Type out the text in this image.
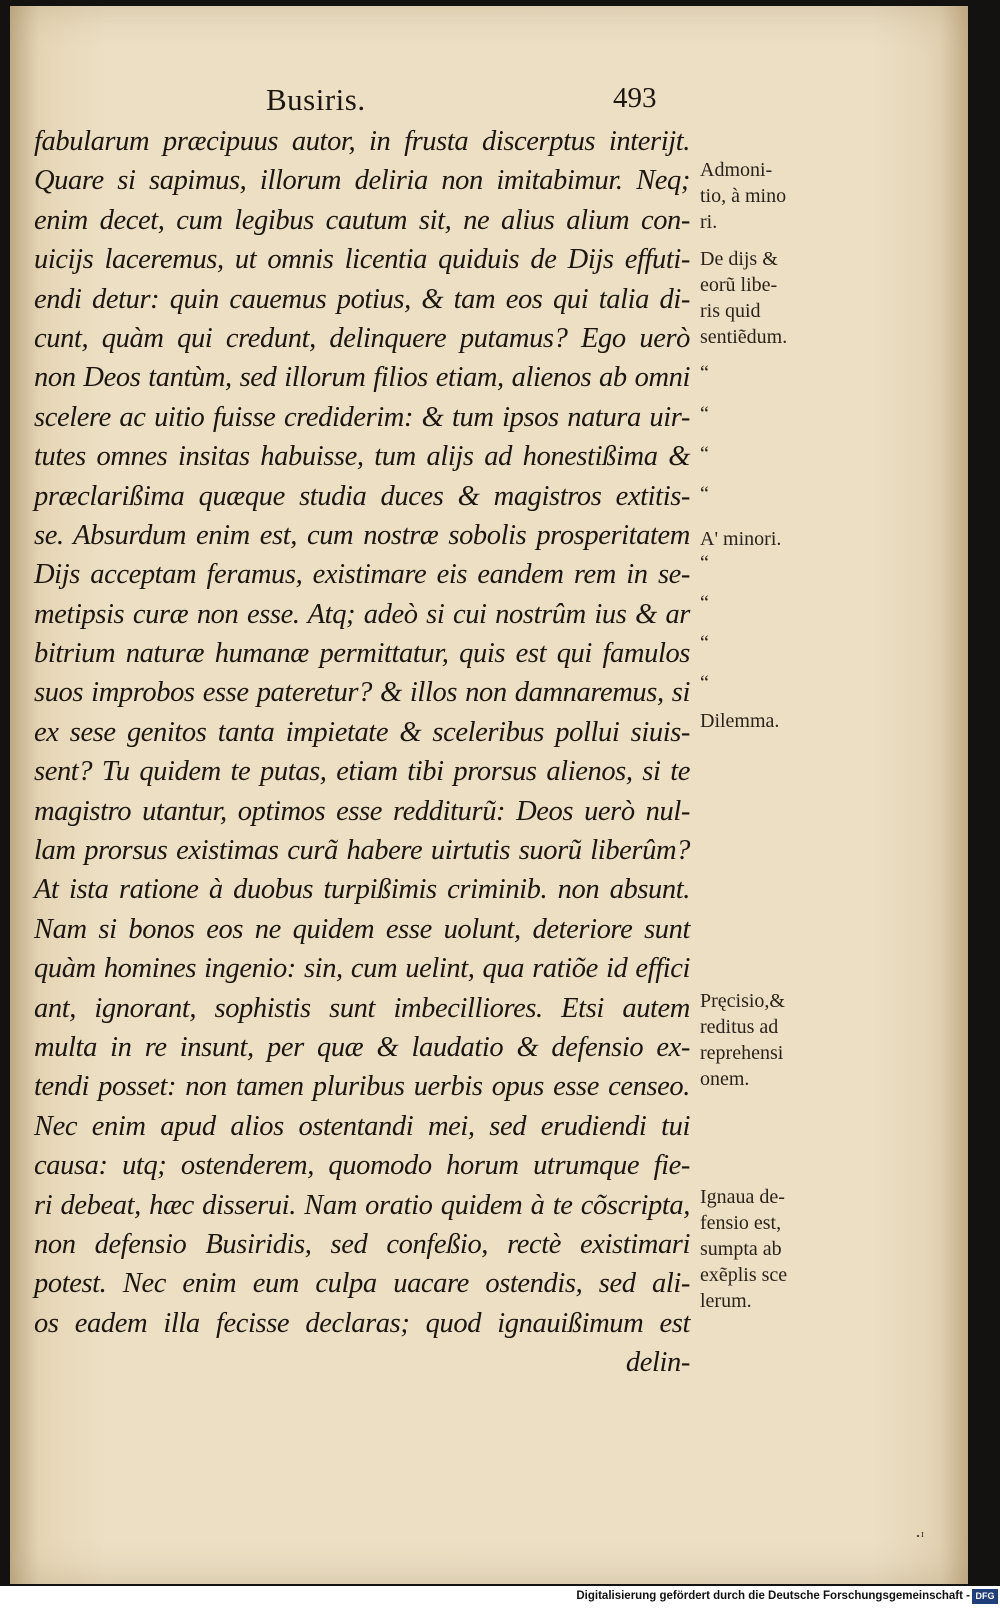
Busiris.	493
fabularum præcipuus autor, in frusta discerptus interijt.
Quare si sapimus, illorum deliria non imitabimur. Neq;
enim decet, cum legibus cautum sit, ne alius alium con-
uicijs laceremus, ut omnis licentia quiduis de Dijs effuti-
endi detur: quin cauemus potius, & tam eos qui talia di-
cunt, quàm qui credunt, delinquere putamus? Ego uerò
non Deos tantùm, sed illorum filios etiam, alienos ab omni
scelere ac uitio fuisse crediderim: & tum ipsos natura uir-
tutes omnes insitas habuisse, tum alijs ad honestißima &
præclarißima quæque studia duces & magistros extitis-
se. Absurdum enim est, cum nostræ sobolis prosperitatem
Dijs acceptam feramus, existimare eis eandem rem in se-
metipsis curæ non esse. Atq; adeò si cui nostrûm ius & ar
bitrium naturæ humanæ permittatur, quis est qui famulos
suos improbos esse pateretur? & illos non damnaremus, si
ex sese genitos tanta impietate & sceleribus pollui siuis-
sent? Tu quidem te putas, etiam tibi prorsus alienos, si te
magistro utantur, optimos esse redditurũ: Deos uerò nul-
lam prorsus existimas curã habere uirtutis suorũ liberûm?
At ista ratione à duobus turpißimis criminib. non absunt.
Nam si bonos eos ne quidem esse uolunt, deteriore sunt
quàm homines ingenio: sin, cum uelint, qua ratiõe id effici
ant, ignorant, sophistis sunt imbecilliores. Etsi autem
multa in re insunt, per quæ & laudatio & defensio ex-
tendi posset: non tamen pluribus uerbis opus esse censeo.
Nec enim apud alios ostentandi mei, sed erudiendi tui
causa: utq; ostenderem, quomodo horum utrumque fie-
ri debeat, hæc disserui. Nam oratio quidem à te cõscripta,
non defensio Busiridis, sed confeßio, rectè existimari
potest. Nec enim eum culpa uacare ostendis, sed ali-
os eadem illa fecisse declaras; quod ignauißimum est
delin-
Admoni-
tio, à mino
ri.
De dijs &
eorũ libe-
ris quid
sentiẽdum.
“
“
“
“
A' minori.
“
“
“
“
Dilemma.
Pręcisio,&
reditus ad
reprehensi
onem.
Ignaua de-
fensio est,
sumpta ab
exẽplis sce
lerum.
·ᶦ
Digitalisierung gefördert durch die Deutsche Forschungsgemeinschaft - DFG
